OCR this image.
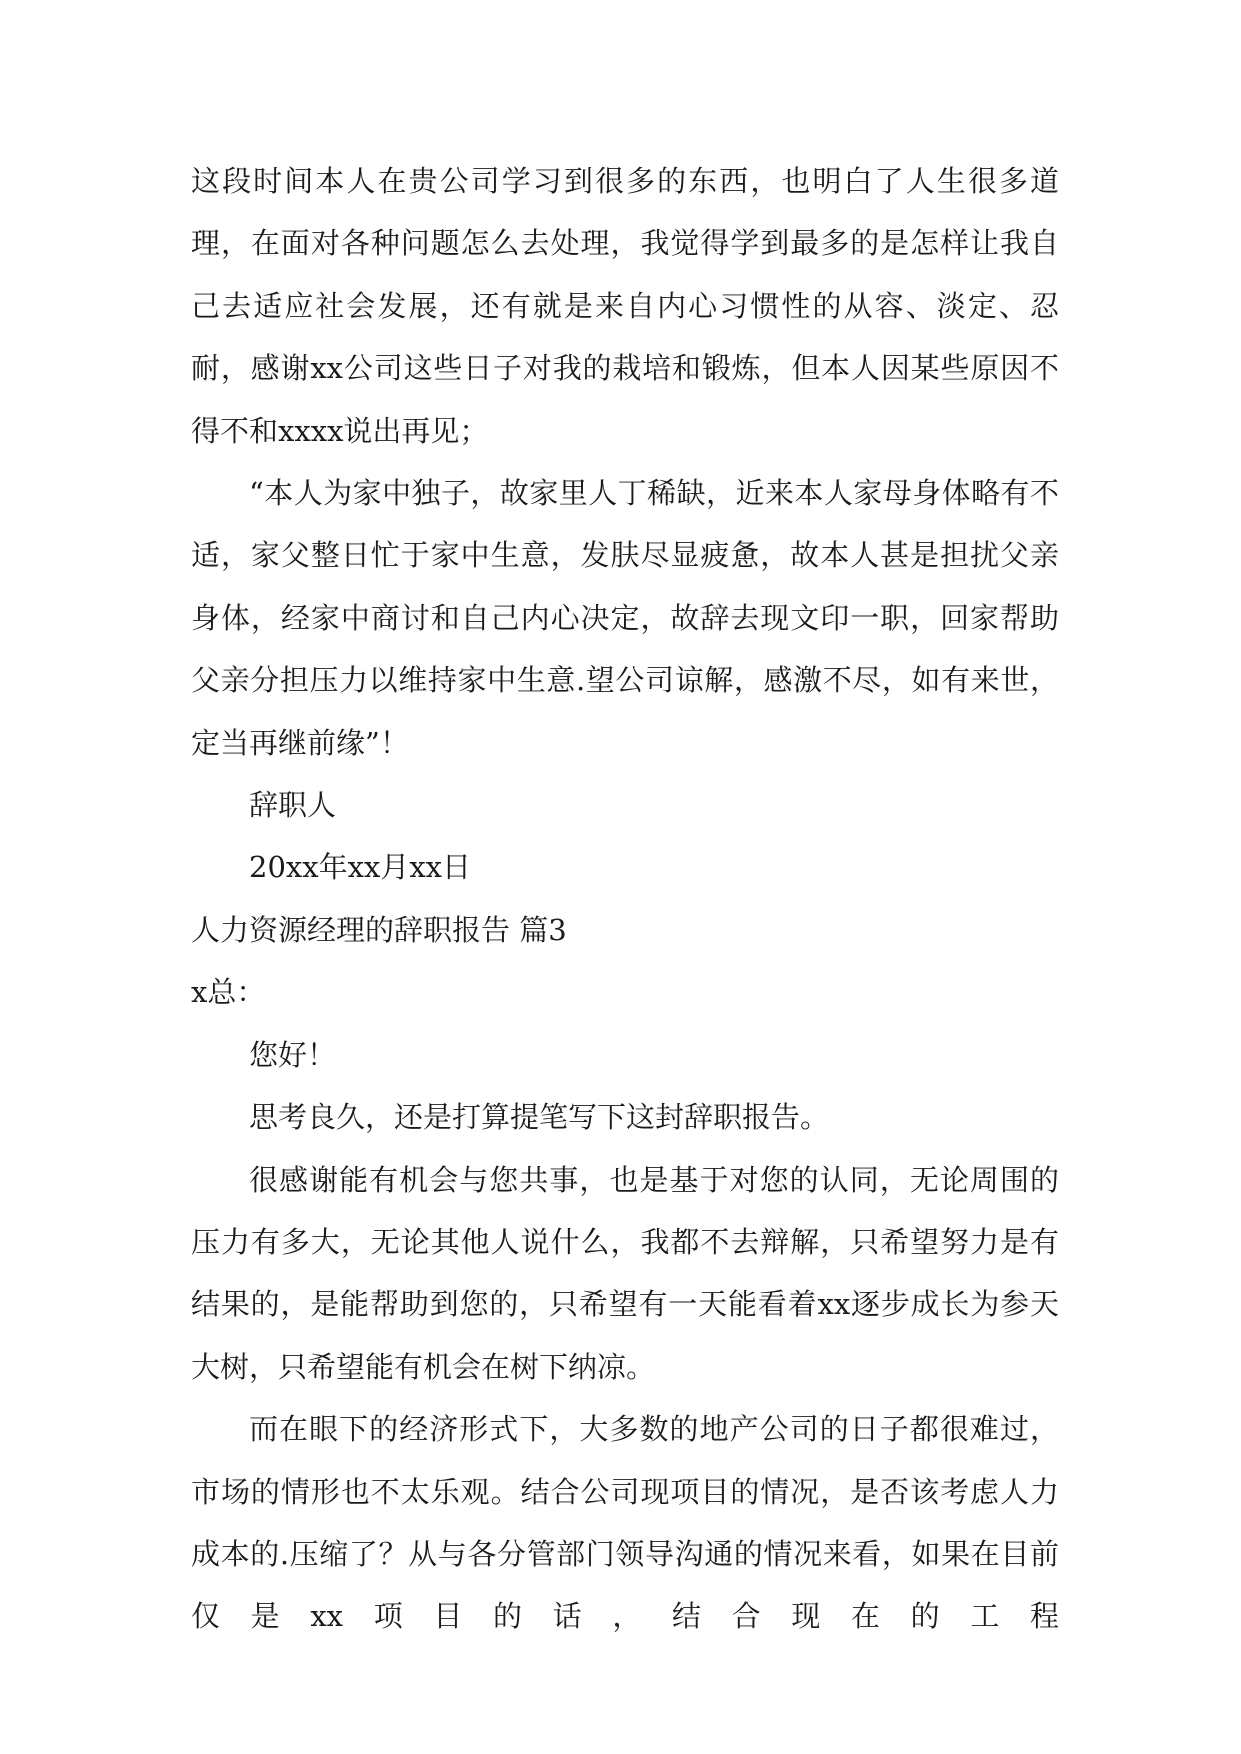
这段时间本人在贵公司学习到很多的东西，也明白了人生很多道理，在面对各种问题怎么去处理，我觉得学到最多的是怎样让我自己去适应社会发展，还有就是来自内心习惯性的从容、淡定、忍耐，感谢xx公司这些日子对我的栽培和锻炼，但本人因某些原因不得不和xxxx说出再见；

“本人为家中独子，故家里人丁稀缺，近来本人家母身体略有不适，家父整日忙于家中生意，发肤尽显疲惫，故本人甚是担扰父亲身体，经家中商讨和自己内心决定，故辞去现文印一职，回家帮助父亲分担压力以维持家中生意.望公司谅解，感激不尽，如有来世，定当再继前缘”！

辞职人

20xx年xx月xx日

人力资源经理的辞职报告 篇3

x总：

您好！

思考良久，还是打算提笔写下这封辞职报告。

很感谢能有机会与您共事，也是基于对您的认同，无论周围的压力有多大，无论其他人说什么，我都不去辩解，只希望努力是有结果的，是能帮助到您的，只希望有一天能看着xx逐步成长为参天大树，只希望能有机会在树下纳凉。

而在眼下的经济形式下，大多数的地产公司的日子都很难过，市场的情形也不太乐观。结合公司现项目的情况，是否该考虑人力成本的.压缩了？从与各分管部门领导沟通的情况来看，如果在目前仅是xx项目的话，结合现在的工程
